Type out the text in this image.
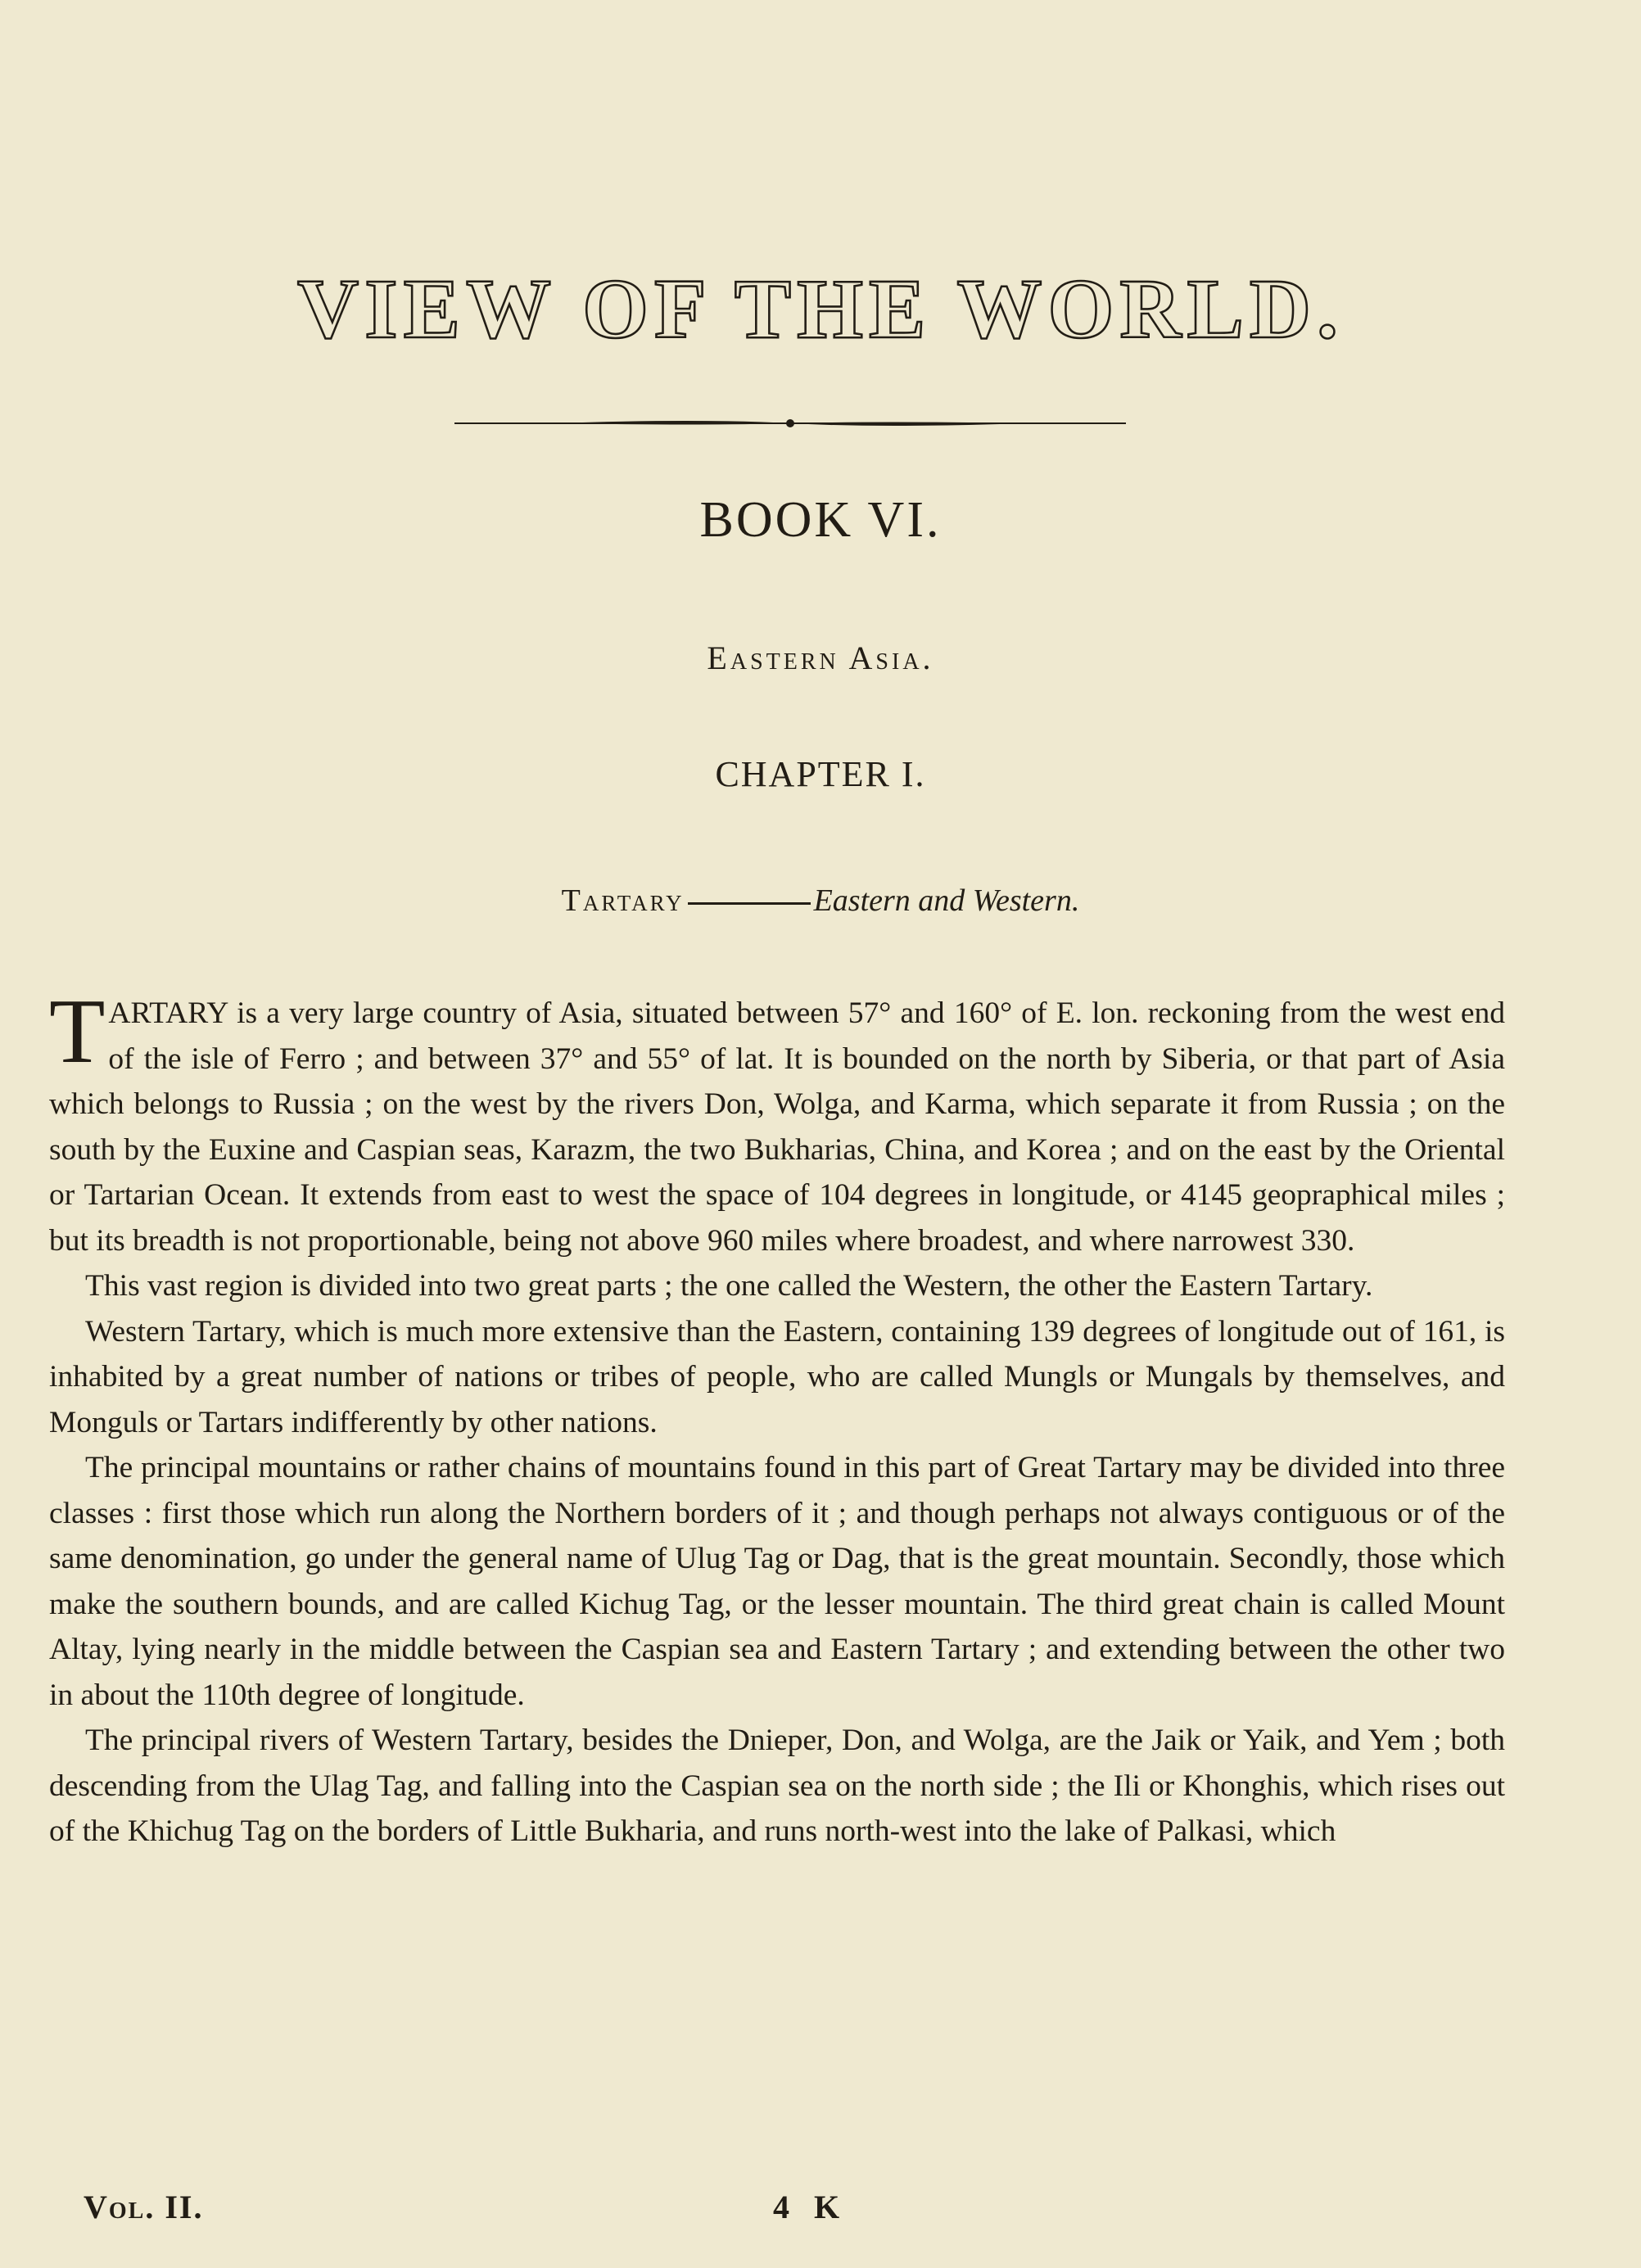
VIEW OF THE WORLD.
BOOK VI.
Eastern Asia.
CHAPTER I.
Tartary	Eastern and Western.

TARTARY is a very large country of Asia, situated between 57° and 160° of E. lon. reckoning from the west end of the isle of Ferro ; and between 37° and 55° of lat. It is bounded on the north by Siberia, or that part of Asia which belongs to Russia ; on the west by the rivers Don, Wolga, and Karma, which separate it from Russia ; on the south by the Euxine and Caspian seas, Karazm, the two Bukharias, China, and Korea ; and on the east by the Oriental or Tartarian Ocean. It extends from east to west the space of 104 degrees in longitude, or 4145 geopraphical miles ; but its breadth is not proportionable, being not above 960 miles where broadest, and where narrowest 330.

This vast region is divided into two great parts ; the one called the Western, the other the Eastern Tartary.

Western Tartary, which is much more extensive than the Eastern, containing 139 degrees of longitude out of 161, is inhabited by a great number of nations or tribes of people, who are called Mungls or Mungals by themselves, and Monguls or Tartars indifferently by other nations.

The principal mountains or rather chains of mountains found in this part of Great Tartary may be divided into three classes : first those which run along the Northern borders of it ; and though perhaps not always contiguous or of the same denomination, go under the general name of Ulug Tag or Dag, that is the great mountain. Secondly, those which make the southern bounds, and are called Kichug Tag, or the lesser mountain. The third great chain is called Mount Altay, lying nearly in the middle between the Caspian sea and Eastern Tartary ; and extending between the other two in about the 110th degree of longitude.

The principal rivers of Western Tartary, besides the Dnieper, Don, and Wolga, are the Jaik or Yaik, and Yem ; both descending from the Ulag Tag, and falling into the Caspian sea on the north side ; the Ili or Khonghis, which rises out of the Khichug Tag on the borders of Little Bukharia, and runs north-west into the lake of Palkasi, which

Vol. II.	4 K
